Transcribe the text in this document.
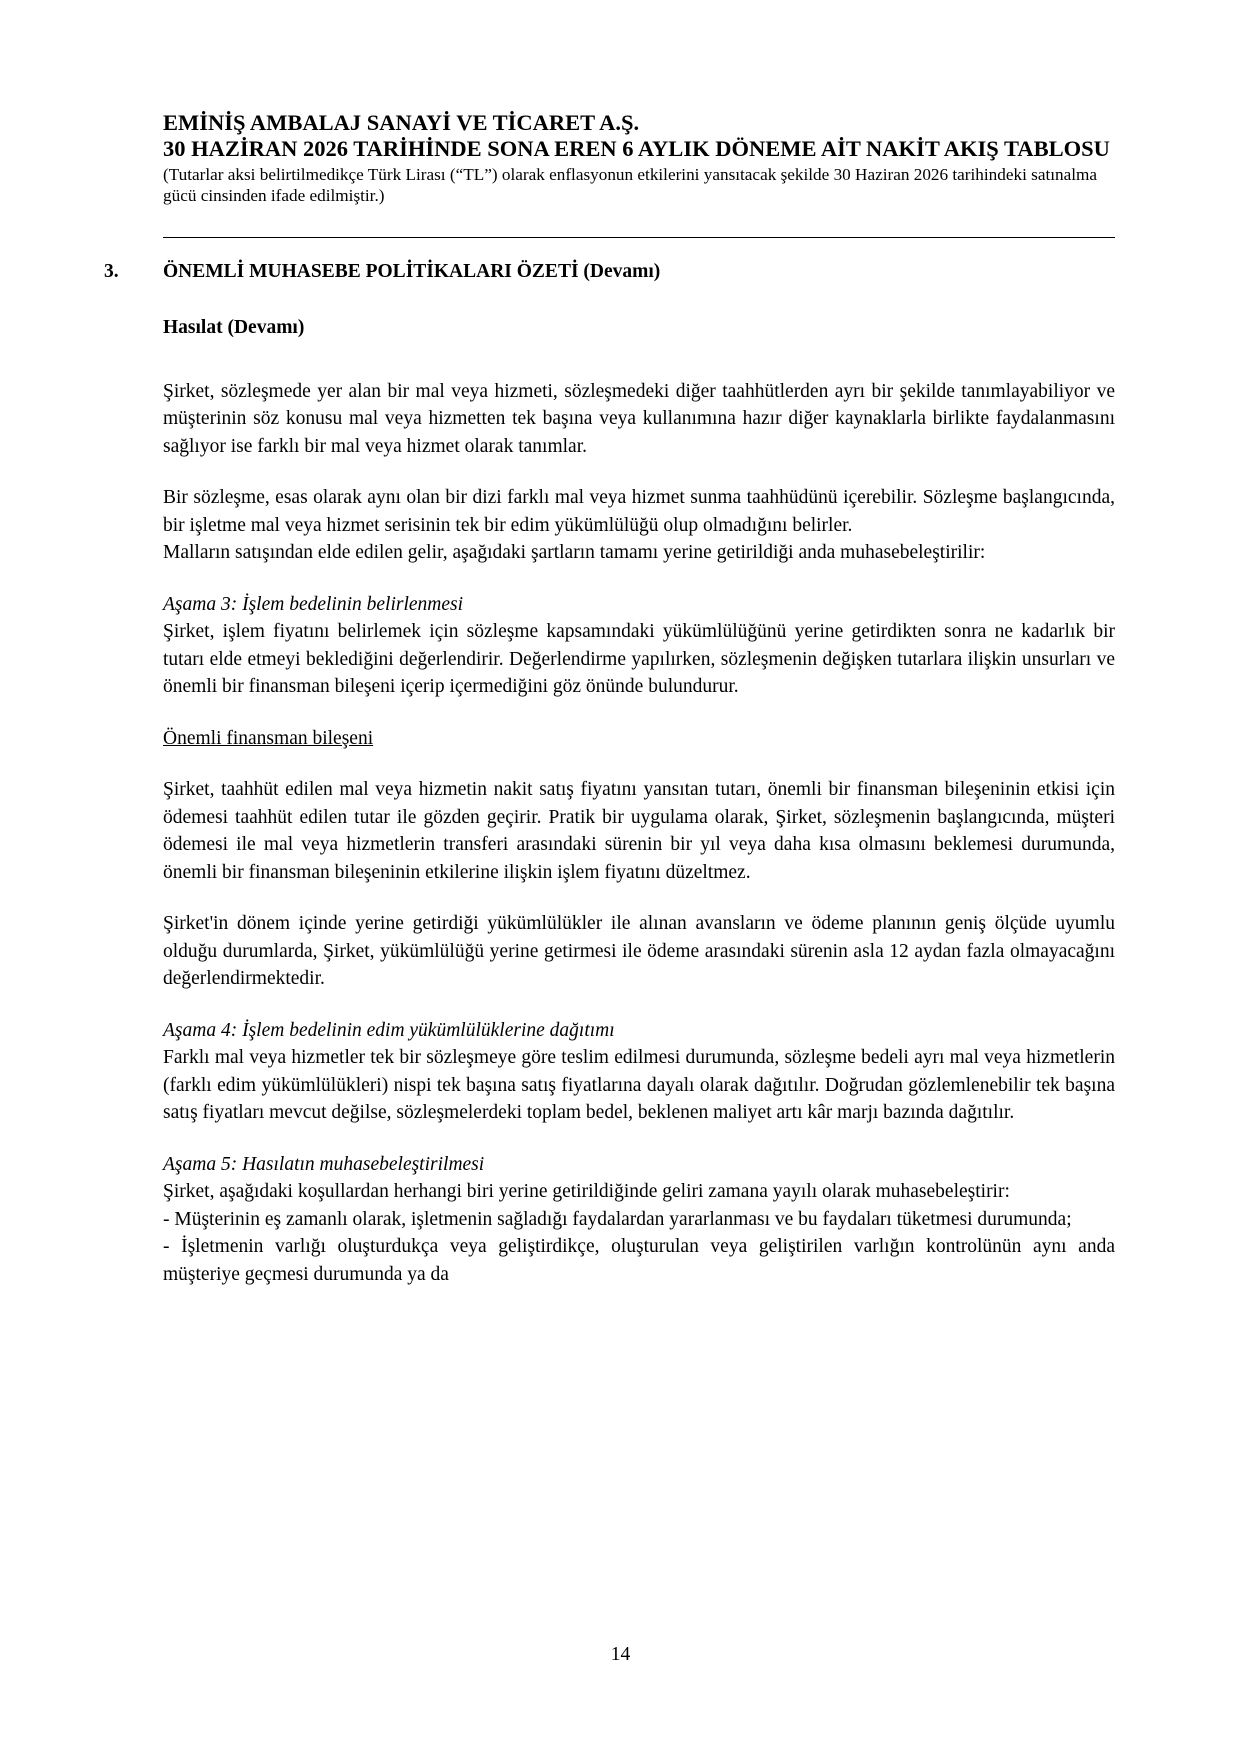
EMİNİŞ AMBALAJ SANAYİ VE TİCARET A.Ş.

30 HAZİRAN 2026 TARİHİNDE SONA EREN 6 AYLIK DÖNEME AİT NAKİT AKIŞ TABLOSU

(Tutarlar aksi belirtilmedikçe Türk Lirası (“TL”) olarak enflasyonun etkilerini yansıtacak şekilde 30 Haziran 2026 tarihindeki satınalma gücü cinsinden ifade edilmiştir.)

3. ÖNEMLİ MUHASEBE POLİTİKALARI ÖZETİ (Devamı)

Hasılat (Devamı)

Şirket, sözleşmede yer alan bir mal veya hizmeti, sözleşmedeki diğer taahhütlerden ayrı bir şekilde tanımlayabiliyor ve müşterinin söz konusu mal veya hizmetten tek başına veya kullanımına hazır diğer kaynaklarla birlikte faydalanmasını sağlıyor ise farklı bir mal veya hizmet olarak tanımlar.

Bir sözleşme, esas olarak aynı olan bir dizi farklı mal veya hizmet sunma taahhüdünü içerebilir. Sözleşme başlangıcında, bir işletme mal veya hizmet serisinin tek bir edim yükümlülüğü olup olmadığını belirler.

Malların satışından elde edilen gelir, aşağıdaki şartların tamamı yerine getirildiği anda muhasebeleştirilir:

Aşama 3: İşlem bedelinin belirlenmesi

Şirket, işlem fiyatını belirlemek için sözleşme kapsamındaki yükümlülüğünü yerine getirdikten sonra ne kadarlık bir tutarı elde etmeyi beklediğini değerlendirir. Değerlendirme yapılırken, sözleşmenin değişken tutarlara ilişkin unsurları ve önemli bir finansman bileşeni içerip içermediğini göz önünde bulundurur.

Önemli finansman bileşeni

Şirket, taahhüt edilen mal veya hizmetin nakit satış fiyatını yansıtan tutarı, önemli bir finansman bileşeninin etkisi için ödemesi taahhüt edilen tutar ile gözden geçirir. Pratik bir uygulama olarak, Şirket, sözleşmenin başlangıcında, müşteri ödemesi ile mal veya hizmetlerin transferi arasındaki sürenin bir yıl veya daha kısa olmasını beklemesi durumunda, önemli bir finansman bileşeninin etkilerine ilişkin işlem fiyatını düzeltmez.

Şirket'in dönem içinde yerine getirdiği yükümlülükler ile alınan avansların ve ödeme planının geniş ölçüde uyumlu olduğu durumlarda, Şirket, yükümlülüğü yerine getirmesi ile ödeme arasındaki sürenin asla 12 aydan fazla olmayacağını değerlendirmektedir.

Aşama 4: İşlem bedelinin edim yükümlülüklerine dağıtımı

Farklı mal veya hizmetler tek bir sözleşmeye göre teslim edilmesi durumunda, sözleşme bedeli ayrı mal veya hizmetlerin (farklı edim yükümlülükleri) nispi tek başına satış fiyatlarına dayalı olarak dağıtılır. Doğrudan gözlemlenebilir tek başına satış fiyatları mevcut değilse, sözleşmelerdeki toplam bedel, beklenen maliyet artı kâr marjı bazında dağıtılır.

Aşama 5: Hasılatın muhasebeleştirilmesi

Şirket, aşağıdaki koşullardan herhangi biri yerine getirildiğinde geliri zamana yayılı olarak muhasebeleştirir:

- Müşterinin eş zamanlı olarak, işletmenin sağladığı faydalardan yararlanması ve bu faydaları tüketmesi durumunda;

- İşletmenin varlığı oluşturdukça veya geliştirdikçe, oluşturulan veya geliştirilen varlığın kontrolünün aynı anda müşteriye geçmesi durumunda ya da

14
